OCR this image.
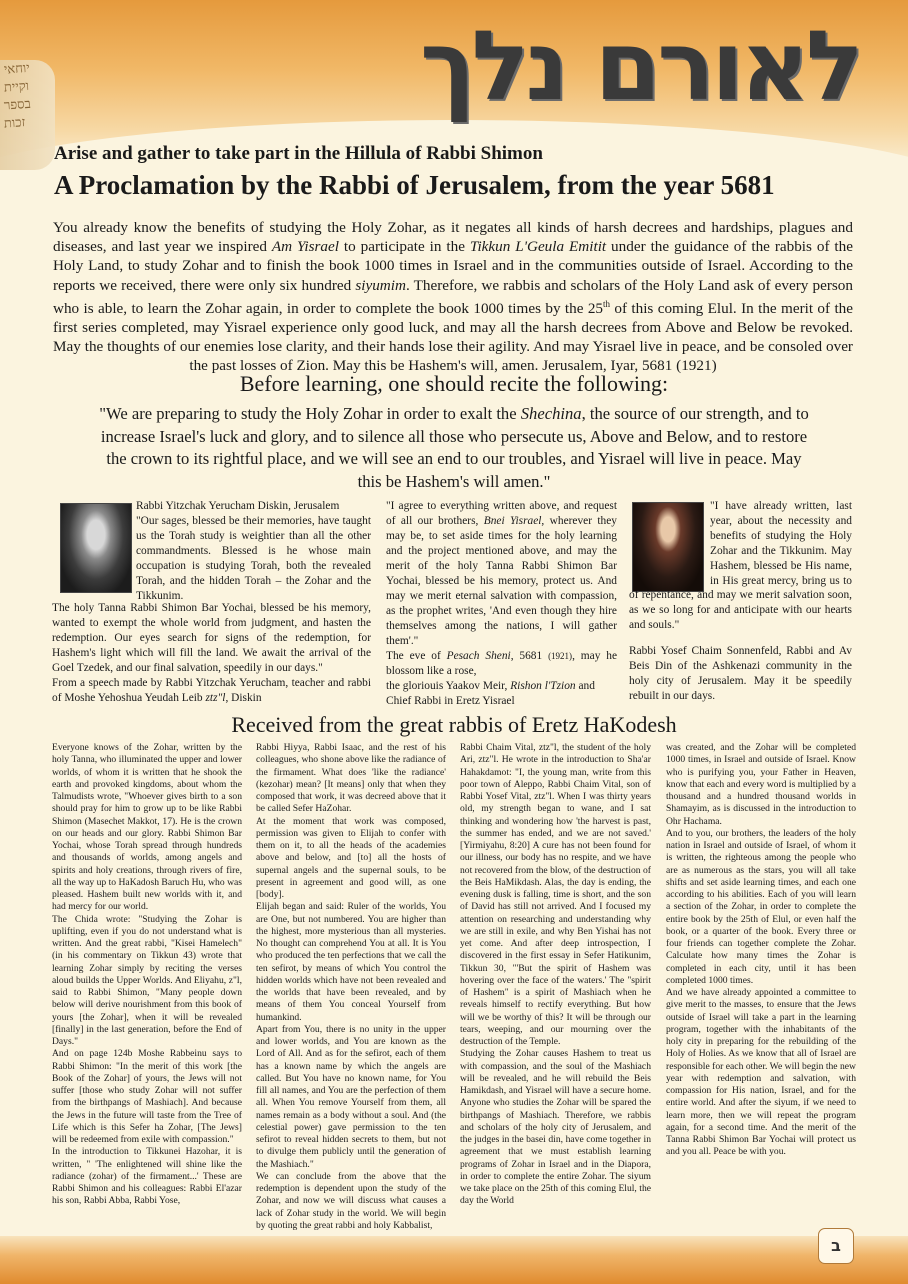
יוחאי
וקיית
בספר
זכות
לאורם נלך
Arise and gather to take part in the Hillula of Rabbi Shimon
A Proclamation by the Rabbi of Jerusalem, from the year 5681
You already know the benefits of studying the Holy Zohar, as it negates all kinds of harsh decrees and hardships, plagues and diseases, and last year we inspired Am Yisrael to participate in the Tikkun L'Geula Emitit under the guidance of the rabbis of the Holy Land, to study Zohar and to finish the book 1000 times in Israel and in the communities outside of Israel. According to the reports we received, there were only six hundred siyumim. Therefore, we rabbis and scholars of the Holy Land ask of every person who is able, to learn the Zohar again, in order to complete the book 1000 times by the 25th of this coming Elul. In the merit of the first series completed, may Yisrael experience only good luck, and may all the harsh decrees from Above and Below be revoked. May the thoughts of our enemies lose clarity, and their hands lose their agility. And may Yisrael live in peace, and be consoled over the past losses of Zion. May this be Hashem's will, amen. Jerusalem, Iyar, 5681 (1921)
Before learning, one should recite the following:
"We are preparing to study the Holy Zohar in order to exalt the Shechina, the source of our strength, and to increase Israel's luck and glory, and to silence all those who persecute us, Above and Below, and to restore the crown to its rightful place, and we will see an end to our troubles, and Yisrael will live in peace. May this be Hashem's will amen."

Rabbi Yitzchak Yerucham Diskin, Jerusalem

"Our sages, blessed be their memories, have taught us the Torah study is weightier than all the other commandments. Blessed is he whose main occupation is studying Torah, both the revealed Torah, and the hidden Torah – the Zohar and the Tikkunim.

The holy Tanna Rabbi Shimon Bar Yochai, blessed be his memory, wanted to exempt the whole world from judgment, and hasten the redemption. Our eyes search for signs of the redemption, for Hashem's light which will fill the land. We await the arrival of the Goel Tzedek, and our final salvation, speedily in our days."

From a speech made by Rabbi Yitzchak Yerucham, teacher and rabbi of Moshe Yehoshua Yeudah Leib ztz"l, Diskin

"I agree to everything written above, and request of all our brothers, Bnei Yisrael, wherever they may be, to set aside times for the holy learning and the project mentioned above, and may the merit of the holy Tanna Rabbi Shimon Bar Yochai, blessed be his memory, protect us. And may we merit eternal salvation with compassion, as the prophet writes, 'And even though they hire themselves among the nations, I will gather them'."

The eve of Pesach Sheni, 5681 (1921), may he blossom like a rose,

the gloriouis Yaakov Meir, Rishon l'Tzion and Chief Rabbi in Eretz Yisrael

"I have already written, last year, about the necessity and benefits of studying the Holy Zohar and the Tikkunim. May Hashem, blessed be His name, in His great mercy, bring us to

of repentance, and may we merit salvation soon, as we so long for and anticipate with our hearts and souls."

Rabbi Yosef Chaim Sonnenfeld, Rabbi and Av Beis Din of the Ashkenazi community in the holy city of Jerusalem. May it be speedily rebuilt in our days.

Received from the great rabbis of Eretz HaKodesh

Everyone knows of the Zohar, written by the holy Tanna, who illuminated the upper and lower worlds, of whom it is written that he shook the earth and provoked kingdoms, about whom the Talmudists wrote, "Whoever gives birth to a son should pray for him to grow up to be like Rabbi Shimon (Masechet Makkot, 17). He is the crown on our heads and our glory. Rabbi Shimon Bar Yochai, whose Torah spread through hundreds and thousands of worlds, among angels and spirits and holy creations, through rivers of fire, all the way up to HaKadosh Baruch Hu, who was pleased. Hashem built new worlds with it, and had mercy for our world.

The Chida wrote: "Studying the Zohar is uplifting, even if you do not understand what is written. And the great rabbi, "Kisei Hamelech" (in his commentary on Tikkun 43) wrote that learning Zohar simply by reciting the verses aloud builds the Upper Worlds. And Eliyahu, z"l, said to Rabbi Shimon, "Many people down below will derive nourishment from this book of yours [the Zohar], when it will be revealed [finally] in the last generation, before the End of Days."

And on page 124b Moshe Rabbeinu says to Rabbi Shimon: "In the merit of this work [the Book of the Zohar] of yours, the Jews will not suffer [those who study Zohar will not suffer from the birthpangs of Mashiach]. And because the Jews in the future will taste from the Tree of Life which is this Sefer ha Zohar, [The Jews] will be redeemed from exile with compassion."

In the introduction to Tikkunei Hazohar, it is written, " 'The enlightened will shine like the radiance (zohar) of the firmament...' These are Rabbi Shimon and his colleagues: Rabbi El'azar his son, Rabbi Abba, Rabbi Yose,

Rabbi Hiyya, Rabbi Isaac, and the rest of his colleagues, who shone above like the radiance of the firmament. What does 'like the radiance' (kezohar) mean? [It means] only that when they composed that work, it was decreed above that it be called Sefer HaZohar.

At the moment that work was composed, permission was given to Elijah to confer with them on it, to all the heads of the academies above and below, and [to] all the hosts of supernal angels and the supernal souls, to be present in agreement and good will, as one [body].

Elijah began and said: Ruler of the worlds, You are One, but not numbered. You are higher than the highest, more mysterious than all mysteries. No thought can comprehend You at all. It is You who produced the ten perfections that we call the ten sefirot, by means of which You control the hidden worlds which have not been revealed and the worlds that have been revealed, and by means of them You conceal Yourself from humankind.

Apart from You, there is no unity in the upper and lower worlds, and You are known as the Lord of All. And as for the sefirot, each of them has a known name by which the angels are called. But You have no known name, for You fill all names, and You are the perfection of them all. When You remove Yourself from them, all names remain as a body without a soul. And (the celestial power) gave permission to the ten sefirot to reveal hidden secrets to them, but not to divulge them publicly until the generation of the Mashiach."

We can conclude from the above that the redemption is dependent upon the study of the Zohar, and now we will discuss what causes a lack of Zohar study in the world. We will begin by quoting the great rabbi and holy Kabbalist,

Rabbi Chaim Vital, ztz"l, the student of the holy Ari, ztz"l. He wrote in the introduction to Sha'ar Hahakdamot: "I, the young man, write from this poor town of Aleppo, Rabbi Chaim Vital, son of Rabbi Yosef Vital, ztz"l. When I was thirty years old, my strength began to wane, and I sat thinking and wondering how 'the harvest is past, the summer has ended, and we are not saved.' [Yirmiyahu, 8:20] A cure has not been found for our illness, our body has no respite, and we have not recovered from the blow, of the destruction of the Beis HaMikdash. Alas, the day is ending, the evening dusk is falling, time is short, and the son of David has still not arrived. And I focused my attention on researching and understanding why we are still in exile, and why Ben Yishai has not yet come. And after deep introspection, I discovered in the first essay in Sefer Hatikunim, Tikkun 30, "'But the spirit of Hashem was hovering over the face of the waters.' The "spirit of Hashem" is a spirit of Mashiach when he reveals himself to rectify everything. But how will we be worthy of this? It will be through our tears, weeping, and our mourning over the destruction of the Temple.

Studying the Zohar causes Hashem to treat us with compassion, and the soul of the Mashiach will be revealed, and he will rebuild the Beis Hamikdash, and Yisrael will have a secure home. Anyone who studies the Zohar will be spared the birthpangs of Mashiach. Therefore, we rabbis and scholars of the holy city of Jerusalem, and the judges in the basei din, have come together in agreement that we must establish learning programs of Zohar in Israel and in the Diapora, in order to complete the entire Zohar. The siyum we take place on the 25th of this coming Elul, the day the World

was created, and the Zohar will be completed 1000 times, in Israel and outside of Israel. Know who is purifying you, your Father in Heaven, know that each and every word is multiplied by a thousand and a hundred thousand worlds in Shamayim, as is discussed in the introduction to Ohr Hachama.

And to you, our brothers, the leaders of the holy nation in Israel and outside of Israel, of whom it is written, the righteous among the people who are as numerous as the stars, you will all take shifts and set aside learning times, and each one according to his abilities. Each of you will learn a section of the Zohar, in order to complete the entire book by the 25th of Elul, or even half the book, or a quarter of the book. Every three or four friends can together complete the Zohar. Calculate how many times the Zohar is completed in each city, until it has been completed 1000 times.

And we have already appointed a committee to give merit to the masses, to ensure that the Jews outside of Israel will take a part in the learning program, together with the inhabitants of the holy city in preparing for the rebuilding of the Holy of Holies. As we know that all of Israel are responsible for each other. We will begin the new year with redemption and salvation, with compassion for His nation, Israel, and for the entire world. And after the siyum, if we need to learn more, then we will repeat the program again, for a second time. And the merit of the Tanna Rabbi Shimon Bar Yochai will protect us and you all. Peace be with you.

ב
